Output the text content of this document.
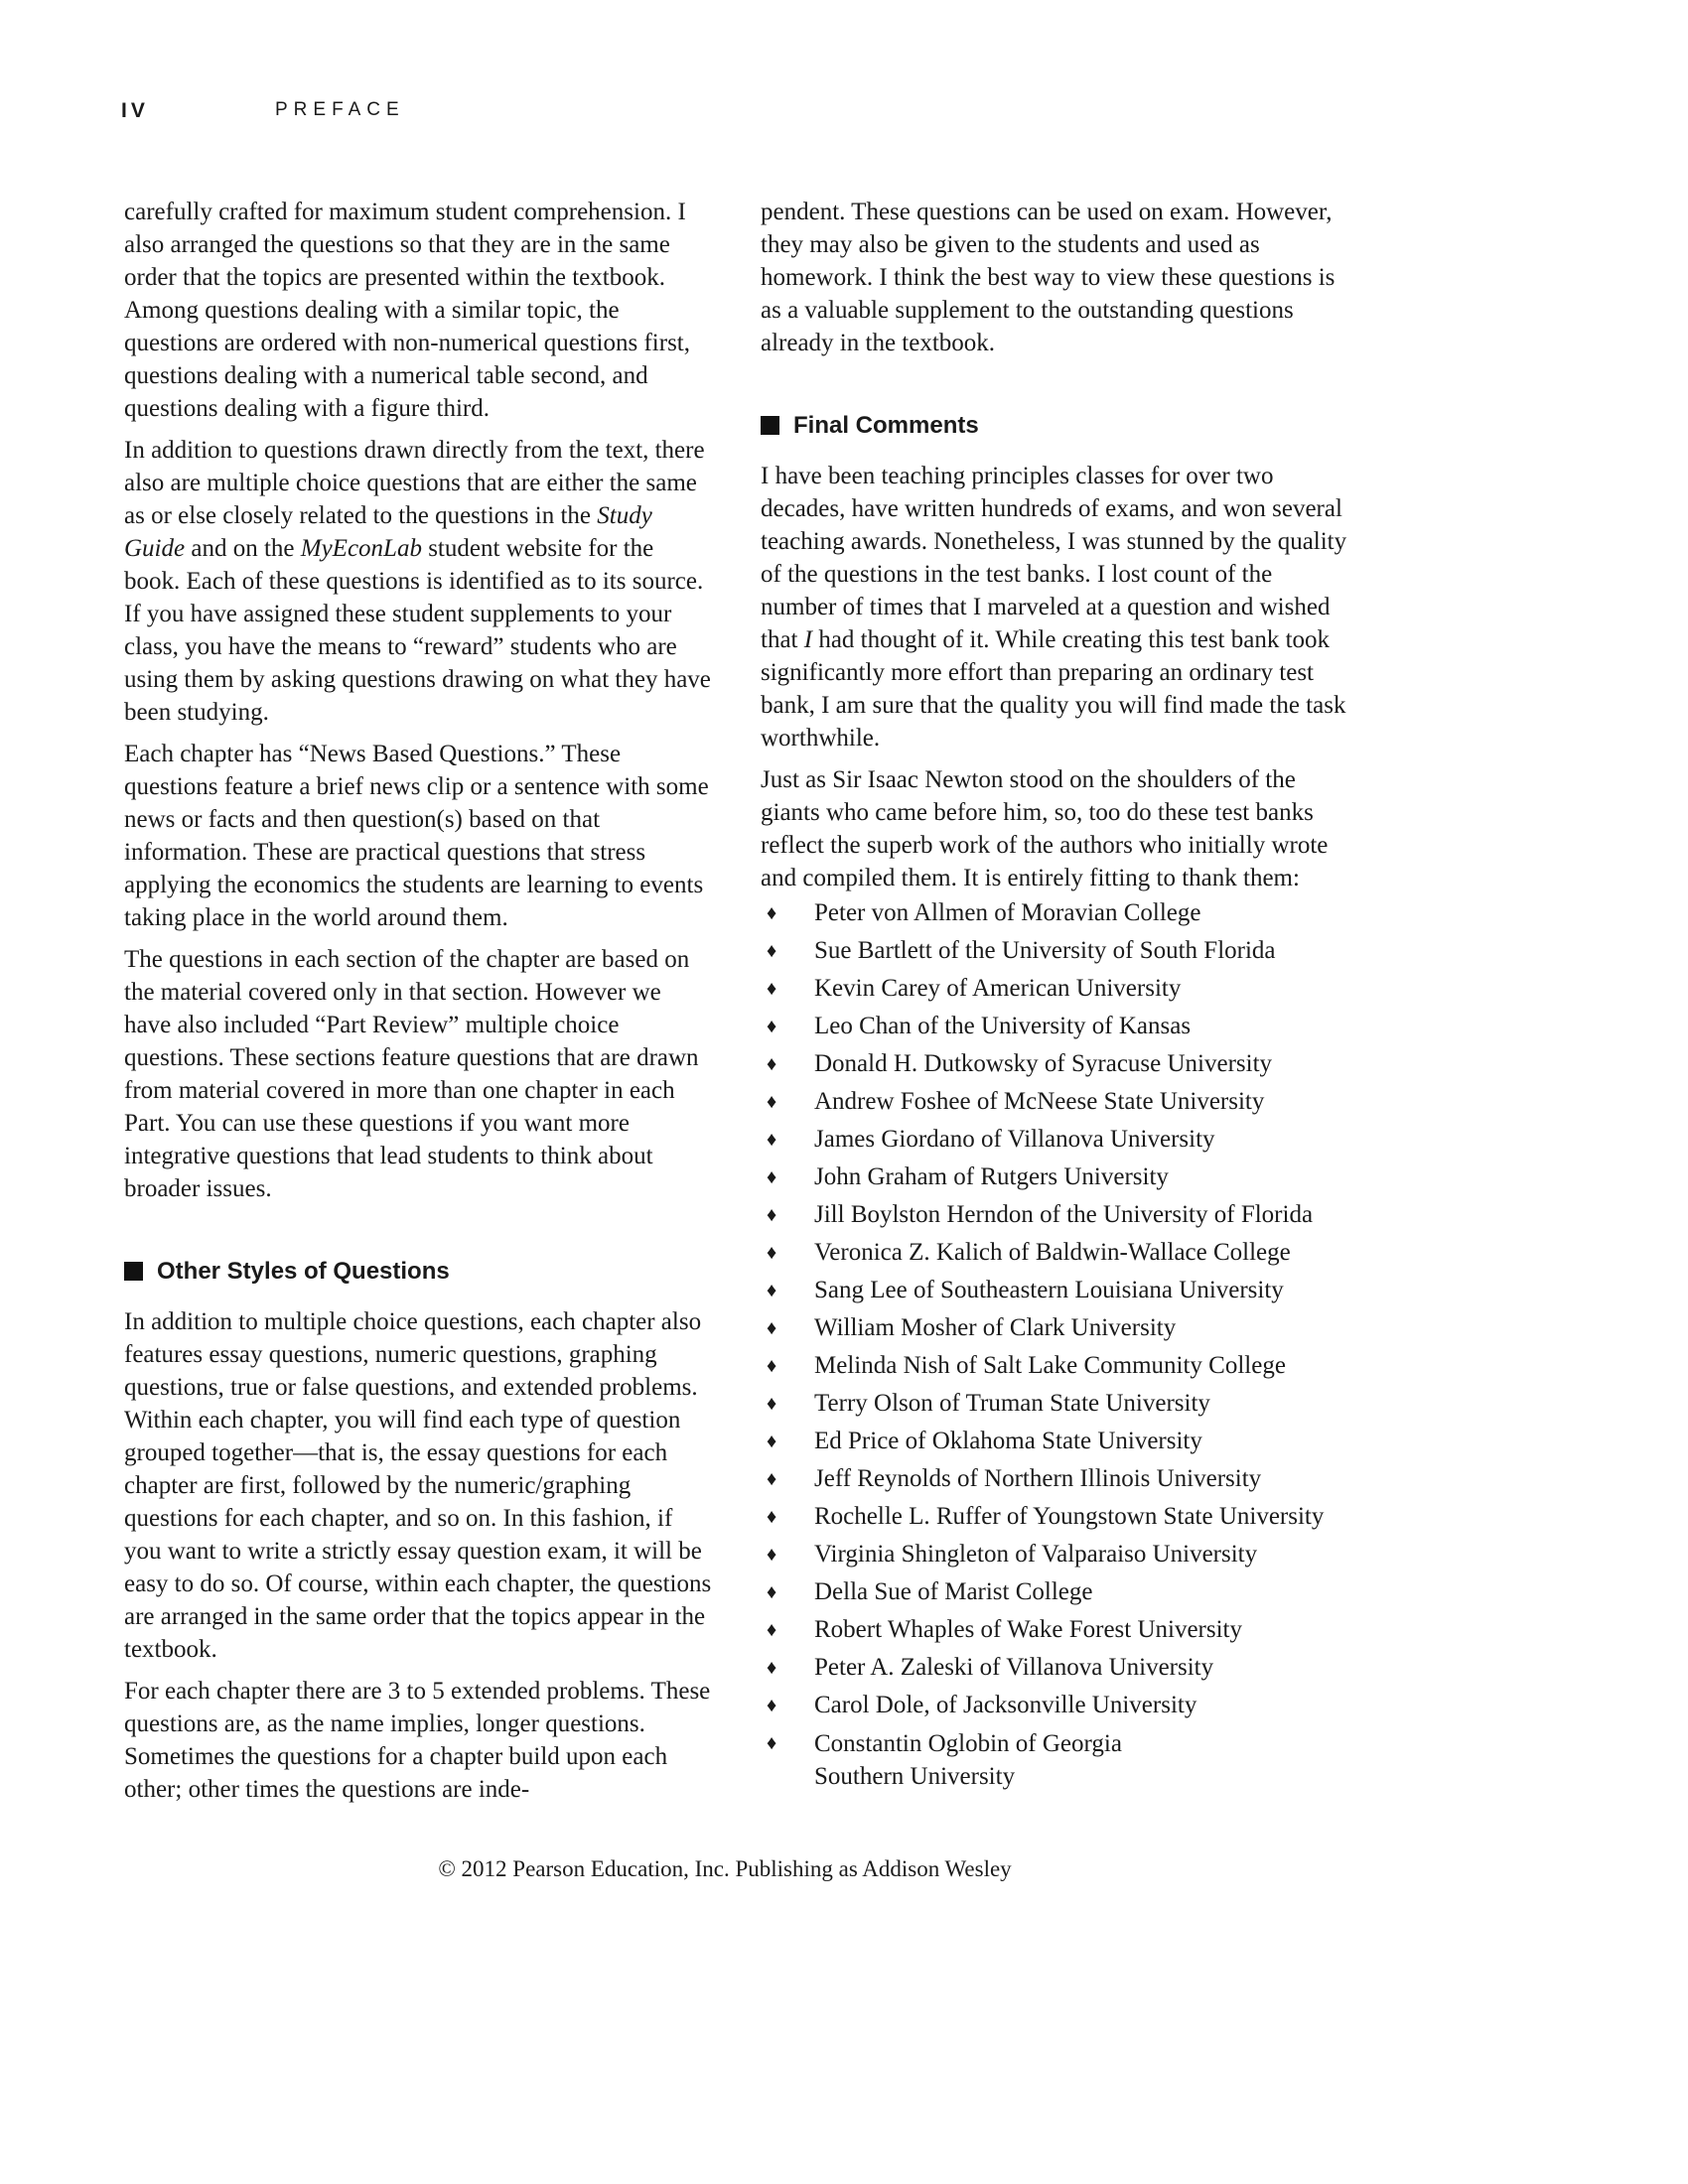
IV	PREFACE

carefully crafted for maximum student comprehension. I also arranged the questions so that they are in the same order that the topics are presented within the textbook. Among questions dealing with a similar topic, the questions are ordered with non-numerical questions first, questions dealing with a numerical table second, and questions dealing with a figure third.

In addition to questions drawn directly from the text, there also are multiple choice questions that are either the same as or else closely related to the questions in the Study Guide and on the MyEconLab student website for the book. Each of these questions is identified as to its source. If you have assigned these student supplements to your class, you have the means to “reward” students who are using them by asking questions drawing on what they have been studying.

Each chapter has “News Based Questions.” These questions feature a brief news clip or a sentence with some news or facts and then question(s) based on that information. These are practical questions that stress applying the economics the students are learning to events taking place in the world around them.

The questions in each section of the chapter are based on the material covered only in that section. However we have also included “Part Review” multiple choice questions. These sections feature questions that are drawn from material covered in more than one chapter in each Part. You can use these questions if you want more integrative questions that lead students to think about broader issues.

Other Styles of Questions

In addition to multiple choice questions, each chapter also features essay questions, numeric questions, graphing questions, true or false questions, and extended problems. Within each chapter, you will find each type of question grouped together—that is, the essay questions for each chapter are first, followed by the numeric/graphing questions for each chapter, and so on. In this fashion, if you want to write a strictly essay question exam, it will be easy to do so. Of course, within each chapter, the questions are arranged in the same order that the topics appear in the textbook.

For each chapter there are 3 to 5 extended problems. These questions are, as the name implies, longer questions. Sometimes the questions for a chapter build upon each other; other times the questions are inde-

pendent. These questions can be used on exam. However, they may also be given to the students and used as homework. I think the best way to view these questions is as a valuable supplement to the outstanding questions already in the textbook.

Final Comments

I have been teaching principles classes for over two decades, have written hundreds of exams, and won several teaching awards. Nonetheless, I was stunned by the quality of the questions in the test banks. I lost count of the number of times that I marveled at a question and wished that I had thought of it. While creating this test bank took significantly more effort than preparing an ordinary test bank, I am sure that the quality you will find made the task worthwhile.

Just as Sir Isaac Newton stood on the shoulders of the giants who came before him, so, too do these test banks reflect the superb work of the authors who initially wrote and compiled them. It is entirely fitting to thank them:

♦	Peter von Allmen of Moravian College
♦	Sue Bartlett of the University of South Florida
♦	Kevin Carey of American University
♦	Leo Chan of the University of Kansas
♦	Donald H. Dutkowsky of Syracuse University
♦	Andrew Foshee of McNeese State University
♦	James Giordano of Villanova University
♦	John Graham of Rutgers University
♦	Jill Boylston Herndon of the University of Florida
♦	Veronica Z. Kalich of Baldwin-Wallace College
♦	Sang Lee of Southeastern Louisiana University
♦	William Mosher of Clark University
♦	Melinda Nish of Salt Lake Community College
♦	Terry Olson of Truman State University
♦	Ed Price of Oklahoma State University
♦	Jeff Reynolds of Northern Illinois University
♦	Rochelle L. Ruffer of Youngstown State University
♦	Virginia Shingleton of Valparaiso University
♦	Della Sue of Marist College
♦	Robert Whaples of Wake Forest University
♦	Peter A. Zaleski of Villanova University
♦	Carol Dole, of Jacksonville University
♦	Constantin Oglobin of Georgia Southern University
© 2012 Pearson Education, Inc. Publishing as Addison Wesley
